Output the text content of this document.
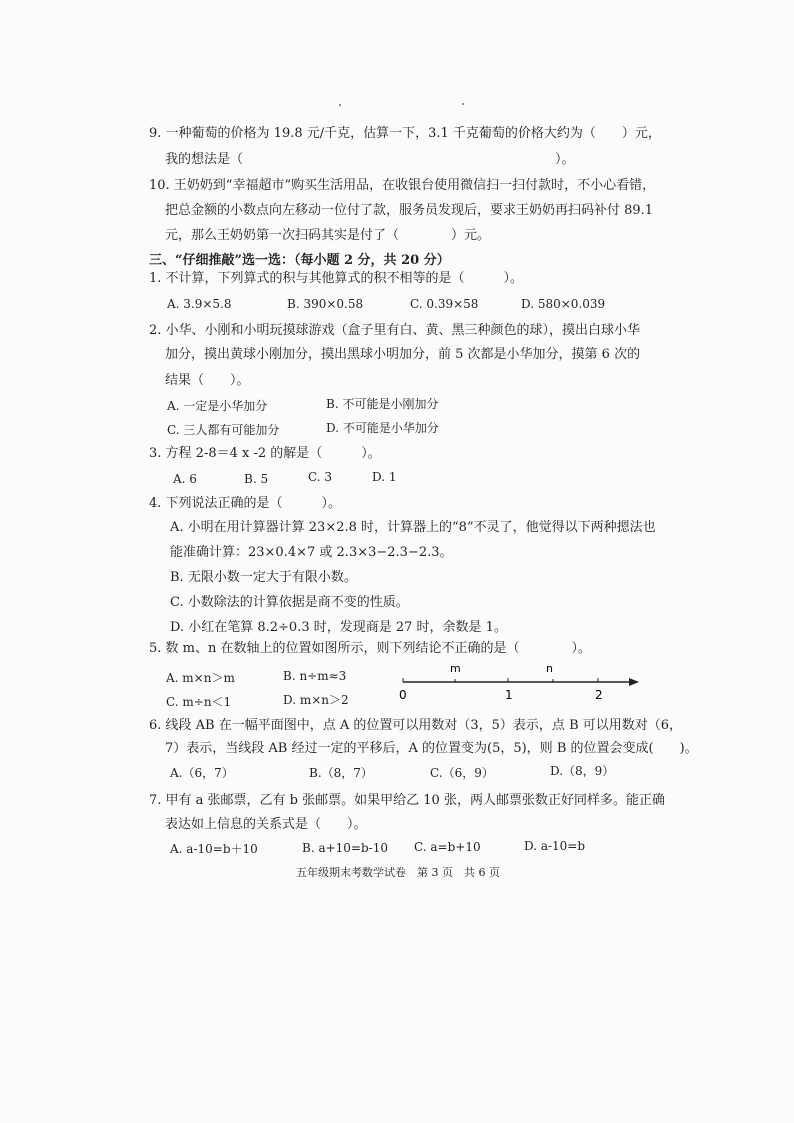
9. 一种葡萄的价格为 19.8 元/千克，估算一下，3.1 千克葡萄的价格大约为（　　）元，
我的想法是（　　　　　　　　　　　　　　　　　　　　　　　　）。
10. 王奶奶到“幸福超市”购买生活用品，在收银台使用微信扫一扫付款时，不小心看错，
把总金额的小数点向左移动一位付了款，服务员发现后，要求王奶奶再扫码补付 89.1
元，那么王奶奶第一次扫码其实是付了（　　　　）元。
三、“仔细推敲”选一选：（每小题 2 分，共 20 分）
1. 不计算，下列算式的积与其他算式的积不相等的是（　　　）。
A. 3.9×5.8	B. 390×0.58	C. 0.39×58	D. 580×0.039
2. 小华、小刚和小明玩摸球游戏（盒子里有白、黄、黑三种颜色的球），摸出白球小华
加分，摸出黄球小刚加分，摸出黑球小明加分，前 5 次都是小华加分，摸第 6 次的
结果（　　）。
A. 一定是小华加分	B. 不可能是小刚加分
C. 三人都有可能加分	D. 不可能是小华加分
3. 方程 2-8＝4 x -2 的解是（　　　）。
A. 6	B. 5	C. 3	D. 1
4. 下列说法正确的是（　　　）。
A. 小明在用计算器计算 23×2.8 时，计算器上的“8”不灵了，他觉得以下两种摁法也
能准确计算：23×0.4×7 或 2.3×3−2.3−2.3。
B. 无限小数一定大于有限小数。
C. 小数除法的计算依据是商不变的性质。
D. 小红在笔算 8.2÷0.3 时，发现商是 27 时，余数是 1。
5. 数 m、n 在数轴上的位置如图所示，则下列结论不正确的是（　　　　）。
A. m×n＞m	B. n÷m≈3
C. m÷n＜1	D. m×n＞2
m	n
0	1	2
6. 线段 AB 在一幅平面图中，点 A 的位置可以用数对（3，5）表示，点 B 可以用数对（6，
7）表示，当线段 AB 经过一定的平移后，A 的位置变为(5，5)，则 B 的位置会变成(　　)。
A.（6，7）	B.（8，7）	C.（6，9）	D.（8，9）
7. 甲有 a 张邮票，乙有 b 张邮票。如果甲给乙 10 张，两人邮票张数正好同样多。能正确
表达如上信息的关系式是（　　）。
A. a-10=b＋10	B. a+10=b-10 C. a=b+10	D. a-10=b
五年级期末考数学试卷　第 3 页　共 6 页
